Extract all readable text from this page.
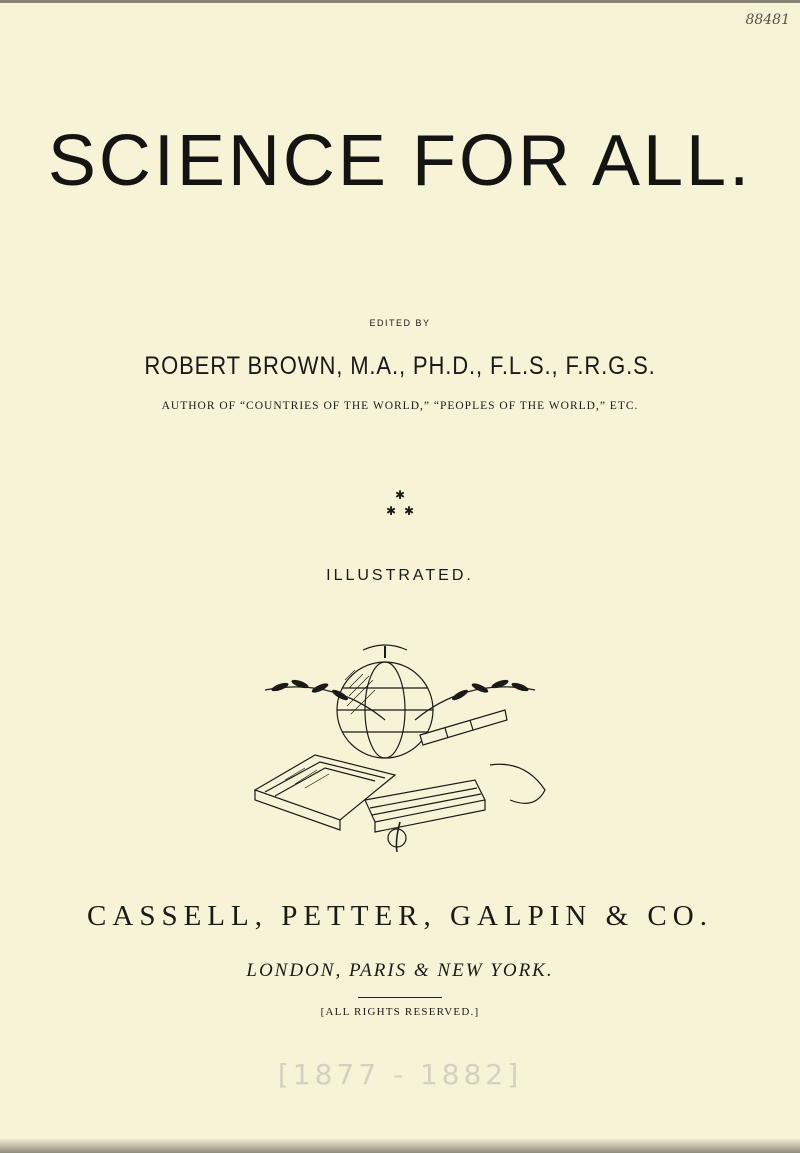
88481
SCIENCE FOR ALL.
EDITED BY
ROBERT BROWN, M.A., PH.D., F.L.S., F.R.G.S.
AUTHOR OF “COUNTRIES OF THE WORLD,” “PEOPLES OF THE WORLD,” ETC.
✱
✱ ✱
ILLUSTRATED.
CASSELL, PETTER, GALPIN & CO.
LONDON, PARIS & NEW YORK.
[ALL RIGHTS RESERVED.]
[1877 - 1882]
